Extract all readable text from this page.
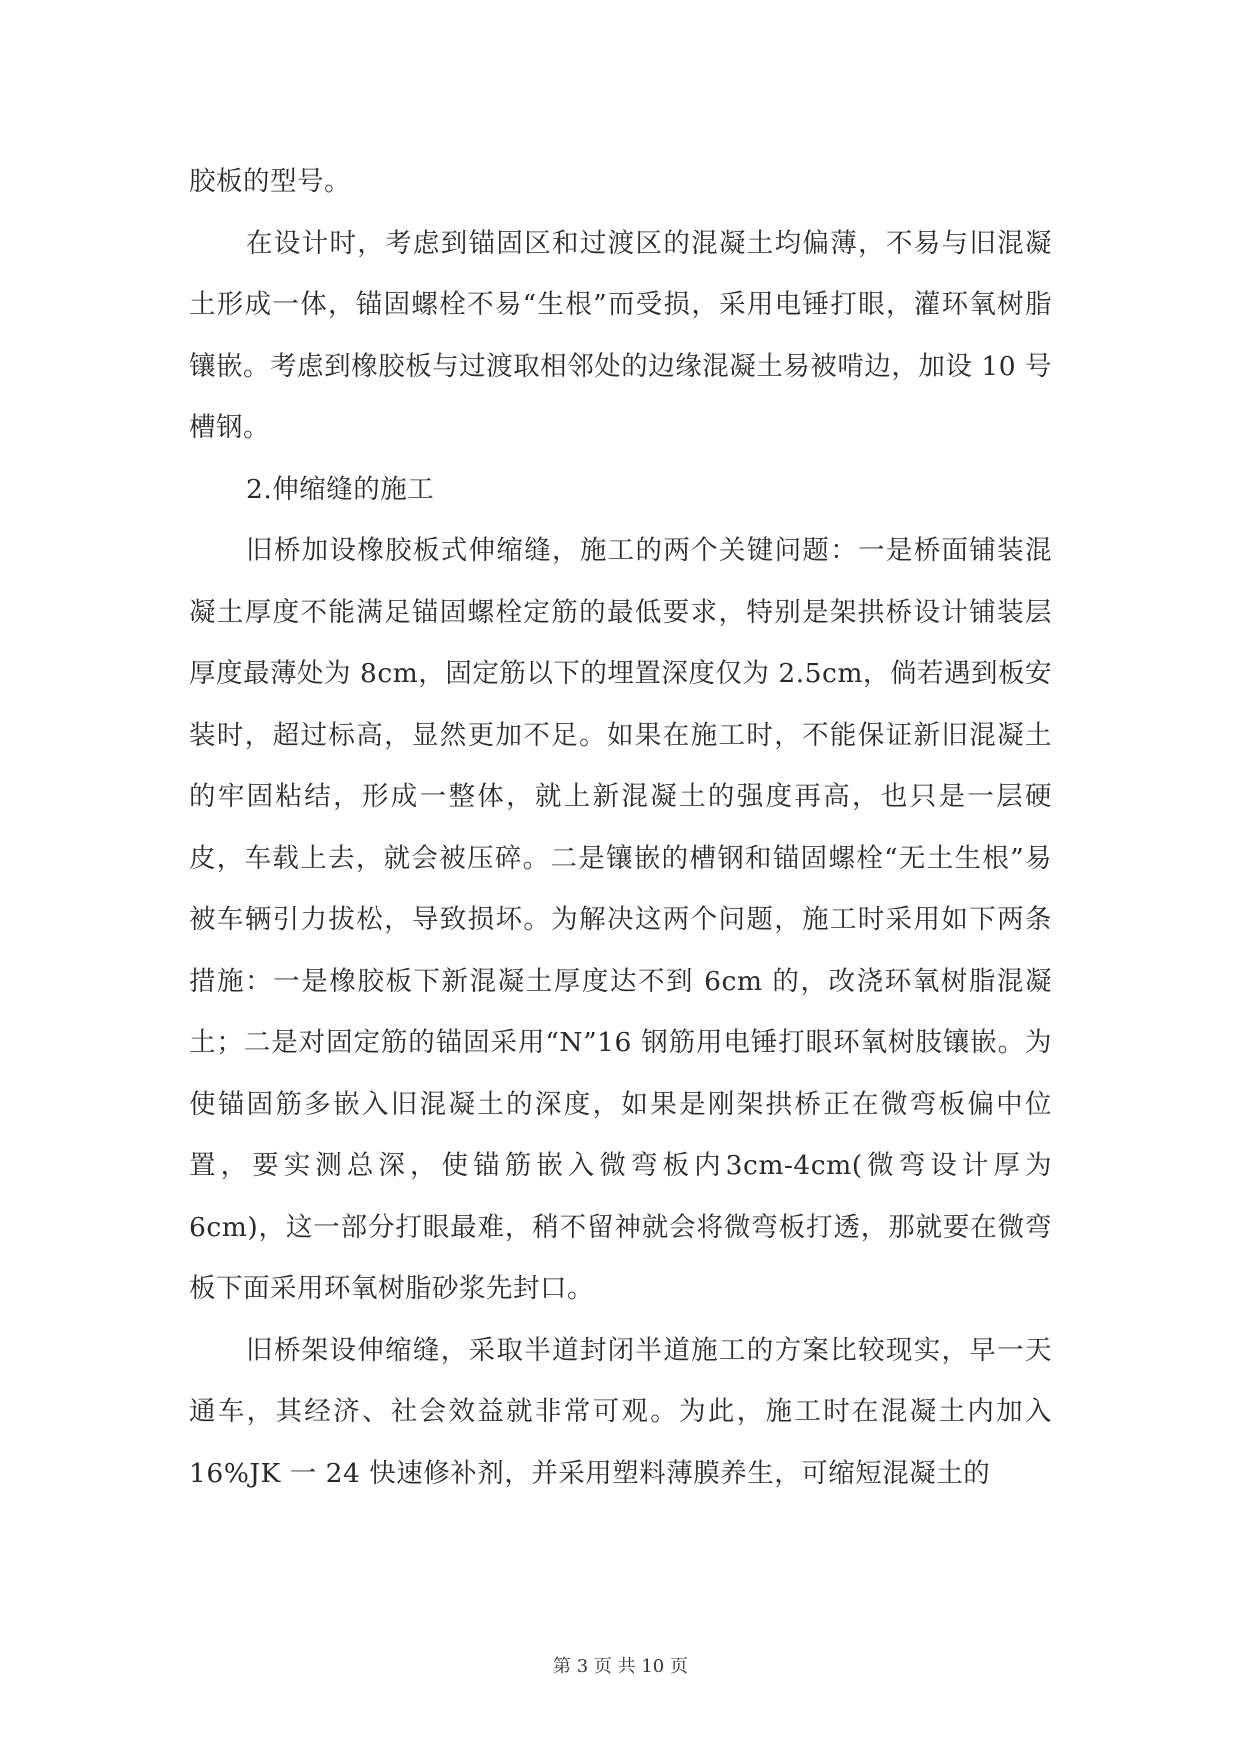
胶板的型号。

在设计时，考虑到锚固区和过渡区的混凝土均偏薄，不易与旧混凝土形成一体，锚固螺栓不易“生根”而受损，采用电锤打眼，灌环氧树脂镶嵌。考虑到橡胶板与过渡取相邻处的边缘混凝土易被啃边，加设 10 号槽钢。

2.伸缩缝的施工

旧桥加设橡胶板式伸缩缝，施工的两个关键问题：一是桥面铺装混凝土厚度不能满足锚固螺栓定筋的最低要求，特别是架拱桥设计铺装层厚度最薄处为 8cm，固定筋以下的埋置深度仅为 2.5cm，倘若遇到板安装时，超过标高，显然更加不足。如果在施工时，不能保证新旧混凝土的牢固粘结，形成一整体，就上新混凝土的强度再高，也只是一层硬皮，车载上去，就会被压碎。二是镶嵌的槽钢和锚固螺栓“无土生根”易被车辆引力拔松，导致损坏。为解决这两个问题，施工时采用如下两条措施：一是橡胶板下新混凝土厚度达不到 6cm 的，改浇环氧树脂混凝土；二是对固定筋的锚固采用“N”16 钢筋用电锤打眼环氧树肢镶嵌。为使锚固筋多嵌入旧混凝土的深度，如果是刚架拱桥正在微弯板偏中位置，要实测总深，使锚筋嵌入微弯板内3cm-4cm(微弯设计厚为 6cm)，这一部分打眼最难，稍不留神就会将微弯板打透，那就要在微弯板下面采用环氧树脂砂浆先封口。

旧桥架设伸缩缝，采取半道封闭半道施工的方案比较现实，早一天通车，其经济、社会效益就非常可观。为此，施工时在混凝土内加入 16%JK 一 24 快速修补剂，并采用塑料薄膜养生，可缩短混凝土的

第 3 页 共 10 页
